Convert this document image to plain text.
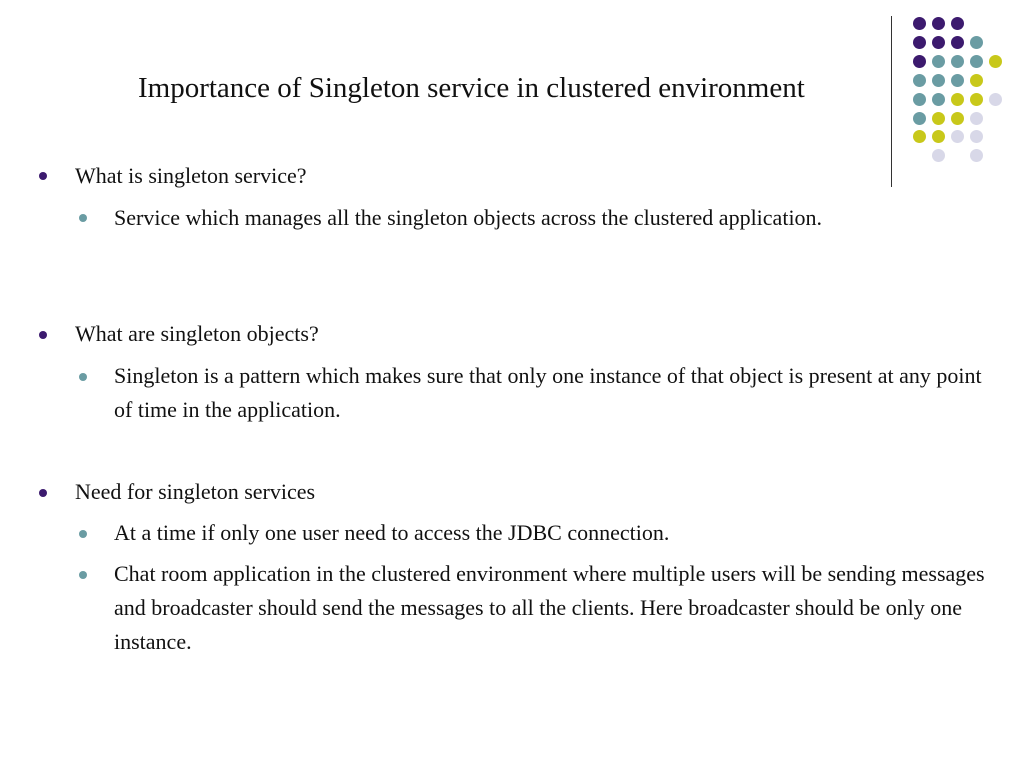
Importance of Singleton service in clustered environment
What is singleton service?
Service which manages all the singleton objects across the clustered application.
What are singleton objects?
Singleton is a pattern which makes sure that only one instance of that object is present at any point of time in the application.
Need for singleton services
At a time if only one user need to access the JDBC connection.
Chat room application in the clustered environment where multiple users will be sending messages and broadcaster should send the messages to all the clients. Here broadcaster should be only one instance.
